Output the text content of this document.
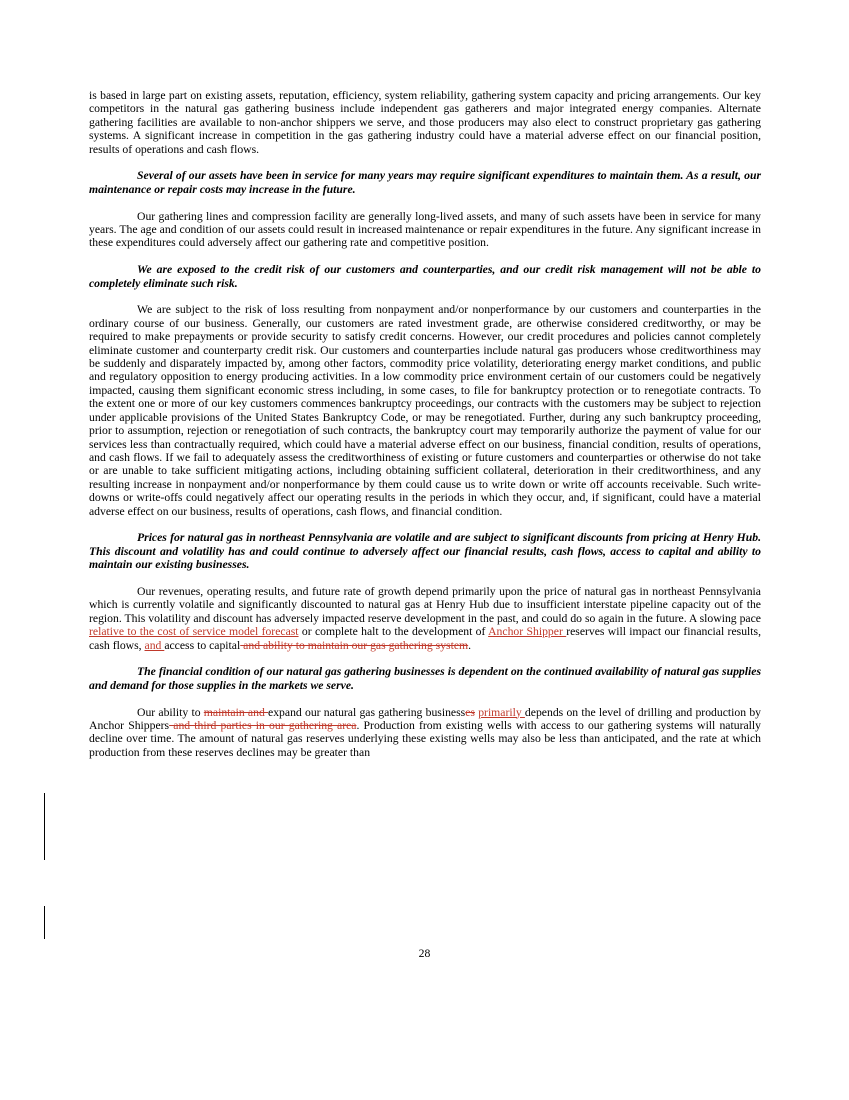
is based in large part on existing assets, reputation, efficiency, system reliability, gathering system capacity and pricing arrangements. Our key competitors in the natural gas gathering business include independent gas gatherers and major integrated energy companies. Alternate gathering facilities are available to non-anchor shippers we serve, and those producers may also elect to construct proprietary gas gathering systems. A significant increase in competition in the gas gathering industry could have a material adverse effect on our financial position, results of operations and cash flows.

Several of our assets have been in service for many years may require significant expenditures to maintain them. As a result, our maintenance or repair costs may increase in the future.

Our gathering lines and compression facility are generally long-lived assets, and many of such assets have been in service for many years. The age and condition of our assets could result in increased maintenance or repair expenditures in the future. Any significant increase in these expenditures could adversely affect our gathering rate and competitive position.

We are exposed to the credit risk of our customers and counterparties, and our credit risk management will not be able to completely eliminate such risk.

We are subject to the risk of loss resulting from nonpayment and/or nonperformance by our customers and counterparties in the ordinary course of our business. Generally, our customers are rated investment grade, are otherwise considered creditworthy, or may be required to make prepayments or provide security to satisfy credit concerns. However, our credit procedures and policies cannot completely eliminate customer and counterparty credit risk. Our customers and counterparties include natural gas producers whose creditworthiness may be suddenly and disparately impacted by, among other factors, commodity price volatility, deteriorating energy market conditions, and public and regulatory opposition to energy producing activities. In a low commodity price environment certain of our customers could be negatively impacted, causing them significant economic stress including, in some cases, to file for bankruptcy protection or to renegotiate contracts. To the extent one or more of our key customers commences bankruptcy proceedings, our contracts with the customers may be subject to rejection under applicable provisions of the United States Bankruptcy Code, or may be renegotiated. Further, during any such bankruptcy proceeding, prior to assumption, rejection or renegotiation of such contracts, the bankruptcy court may temporarily authorize the payment of value for our services less than contractually required, which could have a material adverse effect on our business, financial condition, results of operations, and cash flows. If we fail to adequately assess the creditworthiness of existing or future customers and counterparties or otherwise do not take or are unable to take sufficient mitigating actions, including obtaining sufficient collateral, deterioration in their creditworthiness, and any resulting increase in nonpayment and/or nonperformance by them could cause us to write down or write off accounts receivable. Such write-downs or write-offs could negatively affect our operating results in the periods in which they occur, and, if significant, could have a material adverse effect on our business, results of operations, cash flows, and financial condition.

Prices for natural gas in northeast Pennsylvania are volatile and are subject to significant discounts from pricing at Henry Hub. This discount and volatility has and could continue to adversely affect our financial results, cash flows, access to capital and ability to maintain our existing businesses.

Our revenues, operating results, and future rate of growth depend primarily upon the price of natural gas in northeast Pennsylvania which is currently volatile and significantly discounted to natural gas at Henry Hub due to insufficient interstate pipeline capacity out of the region. This volatility and discount has adversely impacted reserve development in the past, and could do so again in the future. A slowing pace relative to the cost of service model forecast or complete halt to the development of Anchor Shipper reserves will impact our financial results, cash flows, and access to capital and ability to maintain our gas gathering system.

The financial condition of our natural gas gathering businesses is dependent on the continued availability of natural gas supplies and demand for those supplies in the markets we serve.

Our ability to maintain and expand our natural gas gathering businesses primarily depends on the level of drilling and production by Anchor Shippers and third parties in our gathering area. Production from existing wells with access to our gathering systems will naturally decline over time. The amount of natural gas reserves underlying these existing wells may also be less than anticipated, and the rate at which production from these reserves declines may be greater than

28
